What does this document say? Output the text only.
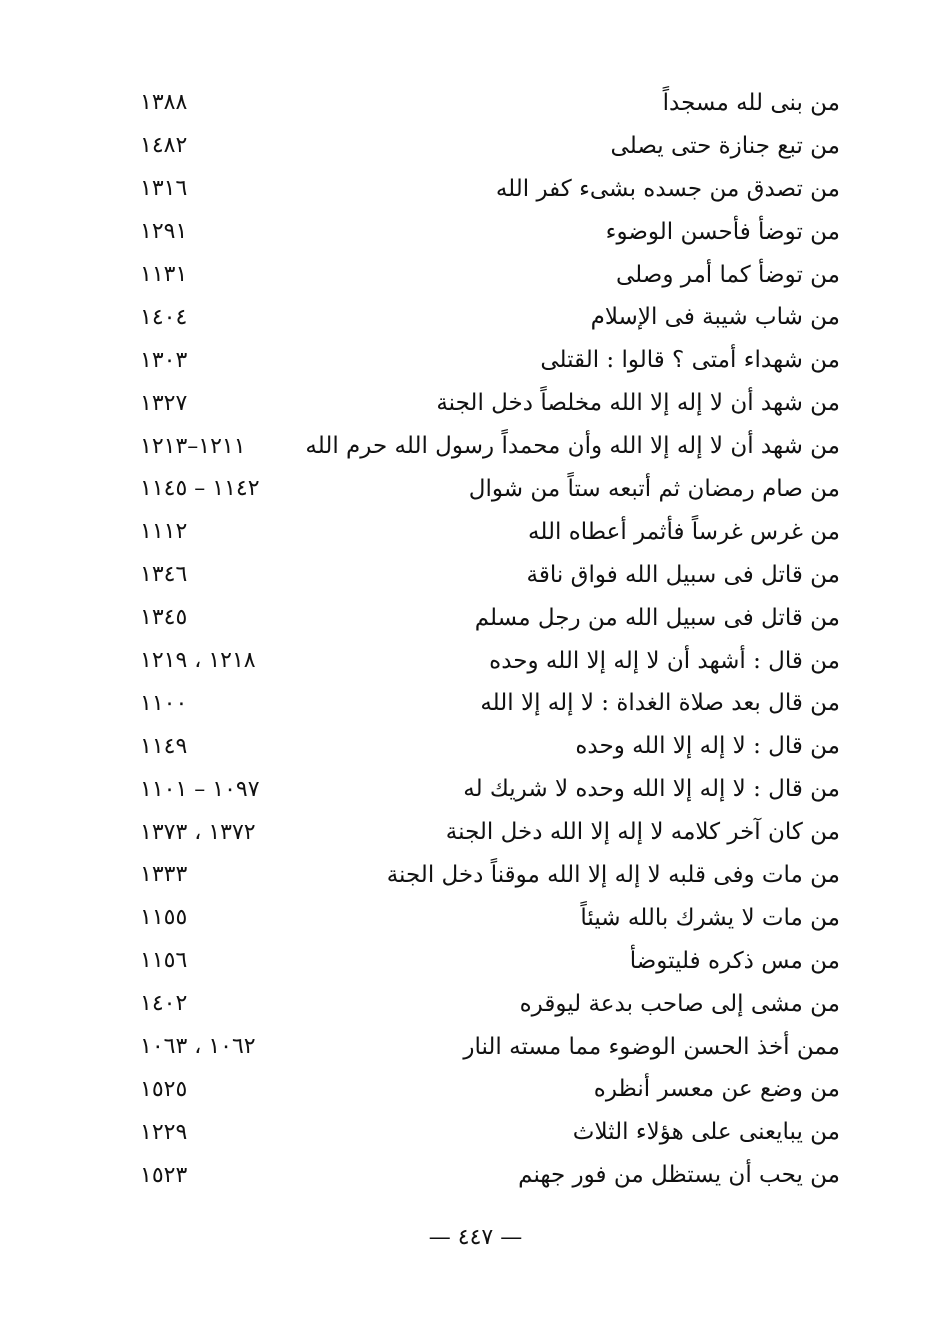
من بنى لله مسجداً
١٣٨٨
من تبع جنازة حتى يصلى
١٤٨٢
من تصدق من جسده بشىء كفر الله
١٣١٦
من توضأ فأحسن الوضوء
١٢٩١
من توضأ كما أمر وصلى
١١٣١
من شاب شيبة فى الإسلام
١٤٠٤
من شهداء أمتى ؟ قالوا : القتلى
١٣٠٣
من شهد أن لا إله إلا الله مخلصاً دخل الجنة
١٣٢٧
من شهد أن لا إله إلا الله وأن محمداً رسول الله حرم الله
١٢١١–١٢١٣
من صام رمضان ثم أتبعه ستاً من شوال
١١٤٢ – ١١٤٥
من غرس غرساً فأثمر أعطاه الله
١١١٢
من قاتل فى سبيل الله فواق ناقة
١٣٤٦
من قاتل فى سبيل الله من رجل مسلم
١٣٤٥
من قال : أشهد أن لا إله إلا الله وحده
١٢١٨ ، ١٢١٩
من قال بعد صلاة الغداة : لا إله إلا الله
١١٠٠
من قال : لا إله إلا الله وحده
١١٤٩
من قال : لا إله إلا الله وحده لا شريك له
١٠٩٧ – ١١٠١
من كان آخر كلامه لا إله إلا الله دخل الجنة
١٣٧٢ ، ١٣٧٣
من مات وفى قلبه لا إله إلا الله موقناً دخل الجنة
١٣٣٣
من مات لا يشرك بالله شيئاً
١١٥٥
من مس ذكره فليتوضأ
١١٥٦
من مشى إلى صاحب بدعة ليوقره
١٤٠٢
ممن أخذ الحسن الوضوء مما مسته النار
١٠٦٢ ، ١٠٦٣
من وضع عن معسر أنظره
١٥٢٥
من يبايعنى على هؤلاء الثلاث
١٢٢٩
من يحب أن يستظل من فور جهنم
١٥٢٣
— ٤٤٧ —
